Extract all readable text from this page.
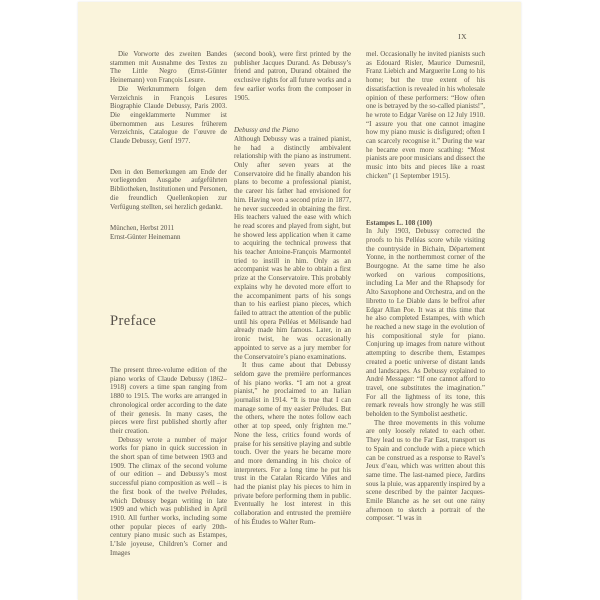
IX

Die Vorworte des zweiten Bandes stammen mit Ausnahme des Textes zu The Little Negro (Ernst-Günter Heinemann) von François Lesure.

Die Werknummern folgen dem Verzeichnis in François Lesures Biographie Claude Debussy, Paris 2003. Die eingeklammerte Nummer ist übernommen aus Lesures früherem Verzeichnis, Catalogue de l’œuvre de Claude Debussy, Genf 1977.

Den in den Bemerkungen am Ende der vorliegenden Ausgabe aufgeführten Bibliotheken, Institutionen und Personen, die freundlich Quellenkopien zur Verfügung stellten, sei herzlich gedankt.

München, Herbst 2011

Ernst-Günter Heinemann

Preface

The present three-volume edition of the piano works of Claude Debussy (1862–1918) covers a time span ranging from 1880 to 1915. The works are arranged in chronological order according to the date of their genesis. In many cases, the pieces were first published shortly after their creation.

Debussy wrote a number of major works for piano in quick succession in the short span of time between 1903 and 1909. The climax of the second volume of our edition – and Debussy’s most successful piano composition as well – is the first book of the twelve Préludes, which Debussy began writing in late 1909 and which was published in April 1910. All further works, including some other popular pieces of early 20th-century piano music such as Estampes, L’Isle joyeuse, Children’s Corner and Images

(second book), were first printed by the publisher Jacques Durand. As Debussy’s friend and patron, Durand obtained the exclusive rights for all future works and a few earlier works from the composer in 1905.

Debussy and the Piano

Although Debussy was a trained pianist, he had a distinctly ambivalent relationship with the piano as instrument. Only after seven years at the Conservatoire did he finally abandon his plans to become a professional pianist, the career his father had envisioned for him. Having won a second prize in 1877, he never succeeded in obtaining the first. His teachers valued the ease with which he read scores and played from sight, but he showed less application when it came to acquiring the technical prowess that his teacher Antoine-François Marmontel tried to instill in him. Only as an accompanist was he able to obtain a first prize at the Conservatoire. This probably explains why he devoted more effort to the accompaniment parts of his songs than to his earliest piano pieces, which failed to attract the attention of the public until his opera Pelléas et Mélisande had already made him famous. Later, in an ironic twist, he was occasionally appointed to serve as a jury member for the Conservatoire’s piano examinations.

It thus came about that Debussy seldom gave the première performances of his piano works. “I am not a great pianist,” he proclaimed to an Italian journalist in 1914. “It is true that I can manage some of my easier Préludes. But the others, where the notes follow each other at top speed, only frighten me.” None the less, critics found words of praise for his sensitive playing and subtle touch. Over the years he became more and more demanding in his choice of interpreters. For a long time he put his trust in the Catalan Ricardo Viñes and had the pianist play his pieces to him in private before performing them in public. Eventually he lost interest in this collaboration and entrusted the première of his Études to Walter Rum-

mel. Occasionally he invited pianists such as Edouard Risler, Maurice Dumesnil, Franz Liebich and Marguerite Long to his home; but the true extent of his dissatisfaction is revealed in his wholesale opinion of these performers: “How often one is betrayed by the so-called pianists!”, he wrote to Edgar Varèse on 12 July 1910. “I assure you that one cannot imagine how my piano music is disfigured; often I can scarcely recognise it.” During the war he became even more scathing: “Most pianists are poor musicians and dissect the music into bits and pieces like a roast chicken” (1 September 1915).

Estampes L. 108 (100)

In July 1903, Debussy corrected the proofs to his Pelléas score while visiting the countryside in Bichain, Département Yonne, in the northernmost corner of the Bourgogne. At the same time he also worked on various compositions, including La Mer and the Rhapsody for Alto Saxophone and Orchestra, and on the libretto to Le Diable dans le beffroi after Edgar Allan Poe. It was at this time that he also completed Estampes, with which he reached a new stage in the evolution of his compositional style for piano. Conjuring up images from nature without attempting to describe them, Estampes created a poetic universe of distant lands and landscapes. As Debussy explained to André Messager: “If one cannot afford to travel, one substitutes the imagination.” For all the lightness of its tone, this remark reveals how strongly he was still beholden to the Symbolist aesthetic.

The three movements in this volume are only loosely related to each other. They lead us to the Far East, transport us to Spain and conclude with a piece which can be construed as a response to Ravel’s Jeux d’eau, which was written about this same time. The last-named piece, Jardins sous la pluie, was apparently inspired by a scene described by the painter Jacques-Emile Blanche as he set out one rainy afternoon to sketch a portrait of the composer. “I was in
